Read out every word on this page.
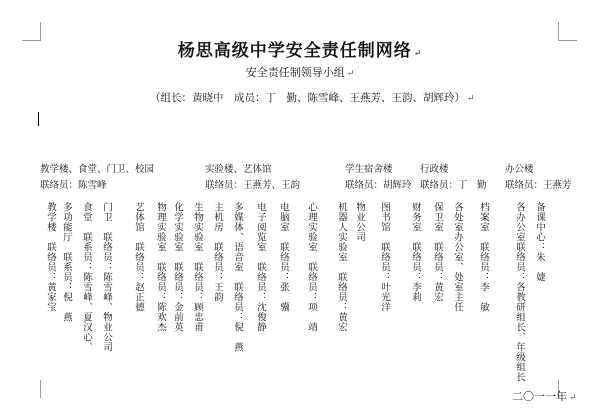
杨思高级中学安全责任制网络 ↵
安全责任制领导小组 ↵
（组长：黄晓中　成员：丁　勤、陈雪峰、王燕芳、王韵、胡辉玲） ↵
教学楼、食堂、门卫、校园
联络员：陈雪峰
实验楼、艺体馆
联络员：王燕芳、王韵
学生宿舍楼
联络员：胡辉玲
行政楼
联络员：丁　勤
办公楼
联络员：王燕芳
教学楼　联络员：黄家宝 多功能厅　联系员：倪　燕 食堂　联系员：陈雪峰、夏汉心、 门卫　联络员：陈雪峰、物业公司 艺体馆　联络员：赵正德 物理实验室　联络员：陈欢杰 化学实验室　联络员：金前英 生物实验室　联络员：顾忠甫 主机房　联络员：王韵 多媒体、语音室　联络员：倪　燕 电子阅览室　联络员：沈俊静 电脑室　联络员：张　骥 心理实验室　联络员：项　靖 机器人实验室　联络员：黄宏 物业公司 图书馆　联络员：叶光洋 财务室　联络员：李莉 保卫室　联络员：黄宏 各处室办公室、处室主任 档案室　联络员：李　敏	备课中心：朱　婕
各办公室联络员：各教研组长、年级组长
二〇一一年 ↵
